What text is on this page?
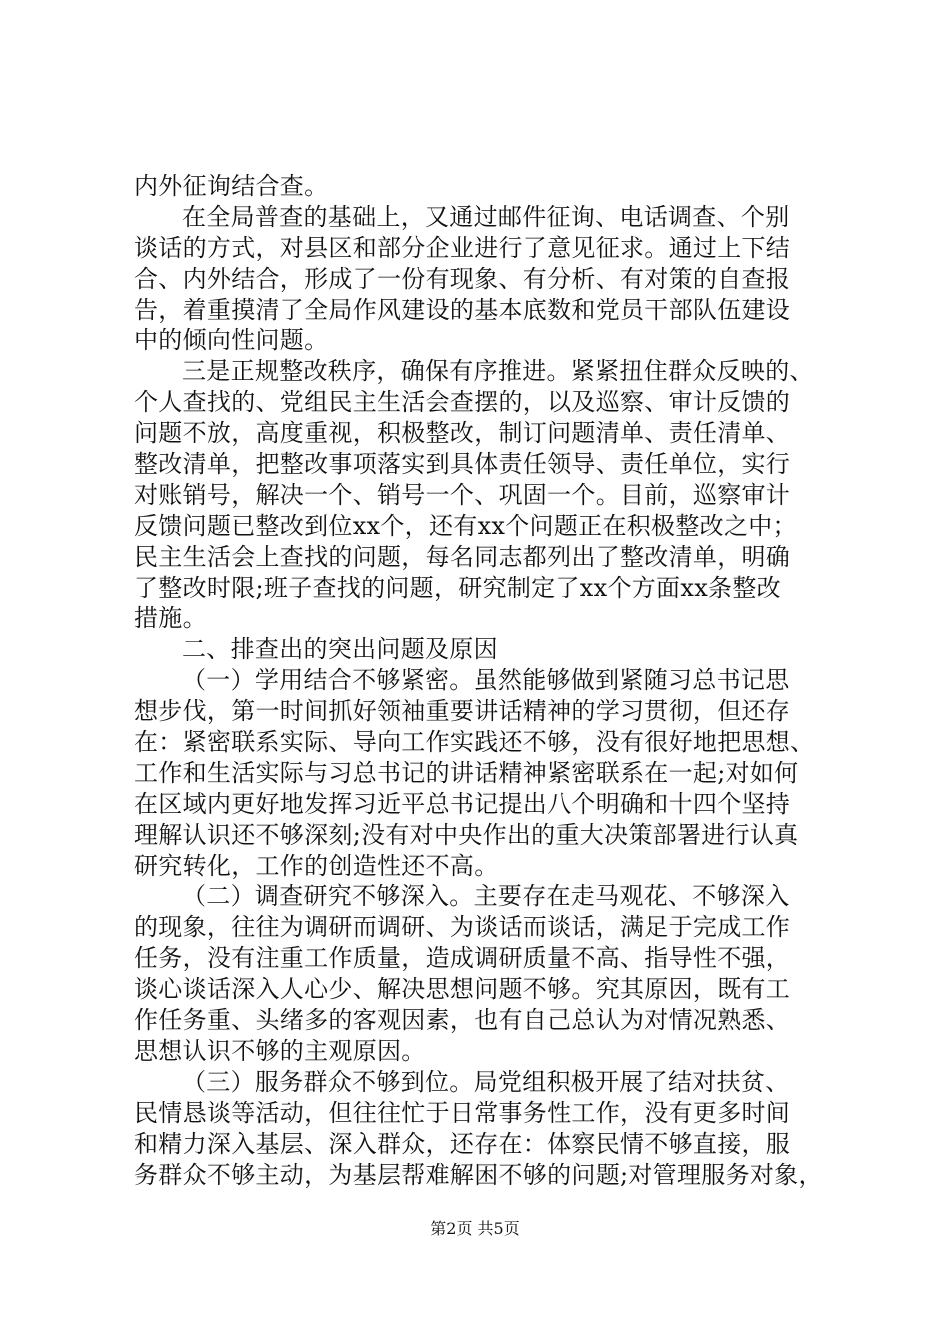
内外征询结合查。
在全局普查的基础上，又通过邮件征询、电话调查、个别
谈话的方式，对县区和部分企业进行了意见征求。通过上下结
合、内外结合，形成了一份有现象、有分析、有对策的自查报
告，着重摸清了全局作风建设的基本底数和党员干部队伍建设
中的倾向性问题。
三是正规整改秩序，确保有序推进。紧紧扭住群众反映的、
个人查找的、党组民主生活会查摆的，以及巡察、审计反馈的
问题不放，高度重视，积极整改，制订问题清单、责任清单、
整改清单，把整改事项落实到具体责任领导、责任单位，实行
对账销号，解决一个、销号一个、巩固一个。目前，巡察审计
反馈问题已整改到位xx个，还有xx个问题正在积极整改之中；
民主生活会上查找的问题，每名同志都列出了整改清单，明确
了整改时限;班子查找的问题，研究制定了xx个方面xx条整改
措施。
二、排查出的突出问题及原因
（一）学用结合不够紧密。虽然能够做到紧随习总书记思
想步伐，第一时间抓好领袖重要讲话精神的学习贯彻，但还存
在：紧密联系实际、导向工作实践还不够，没有很好地把思想、
工作和生活实际与习总书记的讲话精神紧密联系在一起;对如何
在区域内更好地发挥习近平总书记提出八个明确和十四个坚持
理解认识还不够深刻;没有对中央作出的重大决策部署进行认真
研究转化，工作的创造性还不高。
（二）调查研究不够深入。主要存在走马观花、不够深入
的现象，往往为调研而调研、为谈话而谈话，满足于完成工作
任务，没有注重工作质量，造成调研质量不高、指导性不强，
谈心谈话深入人心少、解决思想问题不够。究其原因，既有工
作任务重、头绪多的客观因素，也有自己总认为对情况熟悉、
思想认识不够的主观原因。
（三）服务群众不够到位。局党组积极开展了结对扶贫、
民情恳谈等活动，但往往忙于日常事务性工作，没有更多时间
和精力深入基层、深入群众，还存在：体察民情不够直接，服
务群众不够主动，为基层帮难解困不够的问题;对管理服务对象，
第2页 共5页
